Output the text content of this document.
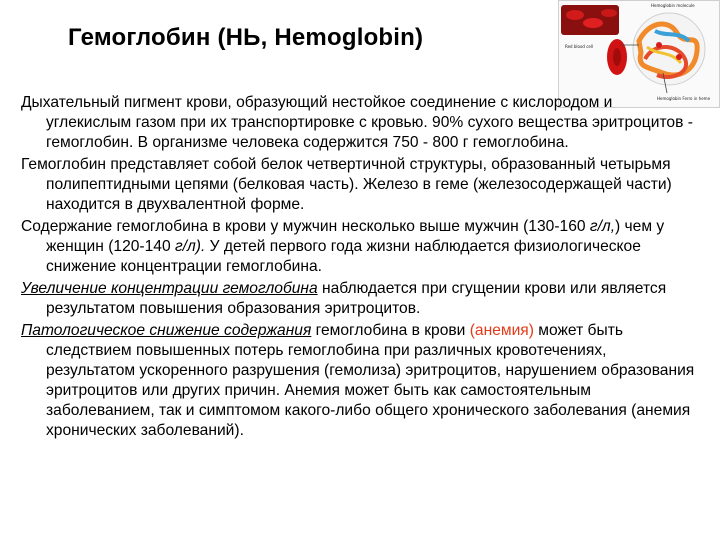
Гемоглобин (НЬ, Hemoglobin)
Hemoglobin molecule
Red blood cell
Hemoglobin Ferro in heme

Дыхательный пигмент крови, образующий нестойкое соединение с кислородом и углекислым газом при их транспортировке с кровью. 90% сухого вещества эритроцитов - гемоглобин. В организме человека содержится 750 - 800 г гемоглобина.

Гемоглобин представляет собой белок четвертичной структуры, образованный четырьмя полипептидными цепями (белковая часть). Железо в геме (железосодержащей части) находится в двухвалентной форме.

Содержание гемоглобина в крови у мужчин несколько выше мужчин (130-160 г/л,) чем у женщин (120-140 г/л). У детей первого года жизни наблюдается физиологическое снижение концентрации гемоглобина.

Увеличение концентрации гемоглобина наблюдается при сгущении крови или является результатом повышения образования эритроцитов.

Патологическое снижение содержания гемоглобина в крови (анемия) может быть следствием повышенных потерь гемоглобина при различных кровотечениях, результатом ускоренного разрушения (гемолиза) эритроцитов, нарушением образования эритроцитов или других причин. Анемия может быть как самостоятельным заболеванием, так и симптомом какого-либо общего хронического заболевания (анемия хронических заболеваний).
